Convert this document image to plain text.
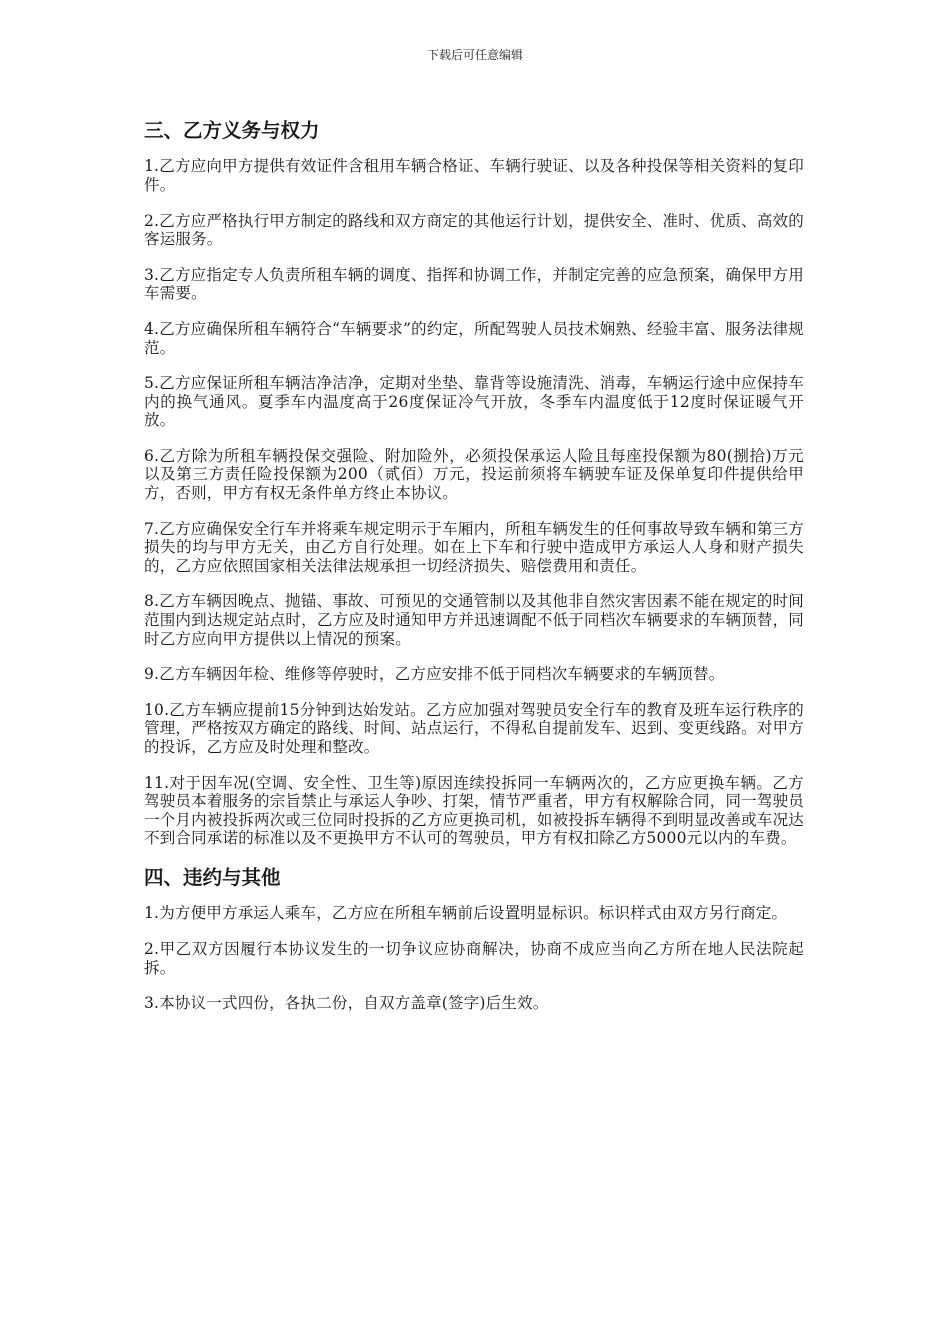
下载后可任意编辑
三、乙方义务与权力

1.乙方应向甲方提供有效证件含租用车辆合格证、车辆行驶证、以及各种投保等相关资料的复印件。

2.乙方应严格执行甲方制定的路线和双方商定的其他运行计划，提供安全、准时、优质、高效的客运服务。

3.乙方应指定专人负责所租车辆的调度、指挥和协调工作，并制定完善的应急预案，确保甲方用车需要。

4.乙方应确保所租车辆符合“车辆要求”的约定，所配驾驶人员技术娴熟、经验丰富、服务法律规范。

5.乙方应保证所租车辆洁净洁净，定期对坐垫、靠背等设施清洗、消毒，车辆运行途中应保持车内的换气通风。夏季车内温度高于26度保证冷气开放，冬季车内温度低于12度时保证暖气开放。

6.乙方除为所租车辆投保交强险、附加险外，必须投保承运人险且每座投保额为80(捌拾)万元以及第三方责任险投保额为200（贰佰）万元，投运前须将车辆驶车证及保单复印件提供给甲方，否则，甲方有权无条件单方终止本协议。

7.乙方应确保安全行车并将乘车规定明示于车厢内，所租车辆发生的任何事故导致车辆和第三方损失的均与甲方无关，由乙方自行处理。如在上下车和行驶中造成甲方承运人人身和财产损失的，乙方应依照国家相关法律法规承担一切经济损失、赔偿费用和责任。

8.乙方车辆因晚点、抛锚、事故、可预见的交通管制以及其他非自然灾害因素不能在规定的时间范围内到达规定站点时，乙方应及时通知甲方并迅速调配不低于同档次车辆要求的车辆顶替，同时乙方应向甲方提供以上情况的预案。

9.乙方车辆因年检、维修等停驶时，乙方应安排不低于同档次车辆要求的车辆顶替。

10.乙方车辆应提前15分钟到达始发站。乙方应加强对驾驶员安全行车的教育及班车运行秩序的管理，严格按双方确定的路线、时间、站点运行，不得私自提前发车、迟到、变更线路。对甲方的投诉，乙方应及时处理和整改。

11.对于因车况(空调、安全性、卫生等)原因连续投拆同一车辆两次的，乙方应更换车辆。乙方驾驶员本着服务的宗旨禁止与承运人争吵、打架，情节严重者，甲方有权解除合同，同一驾驶员一个月内被投拆两次或三位同时投拆的乙方应更换司机，如被投拆车辆得不到明显改善或车况达不到合同承诺的标准以及不更换甲方不认可的驾驶员，甲方有权扣除乙方5000元以内的车费。

四、违约与其他

1.为方便甲方承运人乘车，乙方应在所租车辆前后设置明显标识。标识样式由双方另行商定。

2.甲乙双方因履行本协议发生的一切争议应协商解决，协商不成应当向乙方所在地人民法院起拆。

3.本协议一式四份，各执二份，自双方盖章(签字)后生效。
